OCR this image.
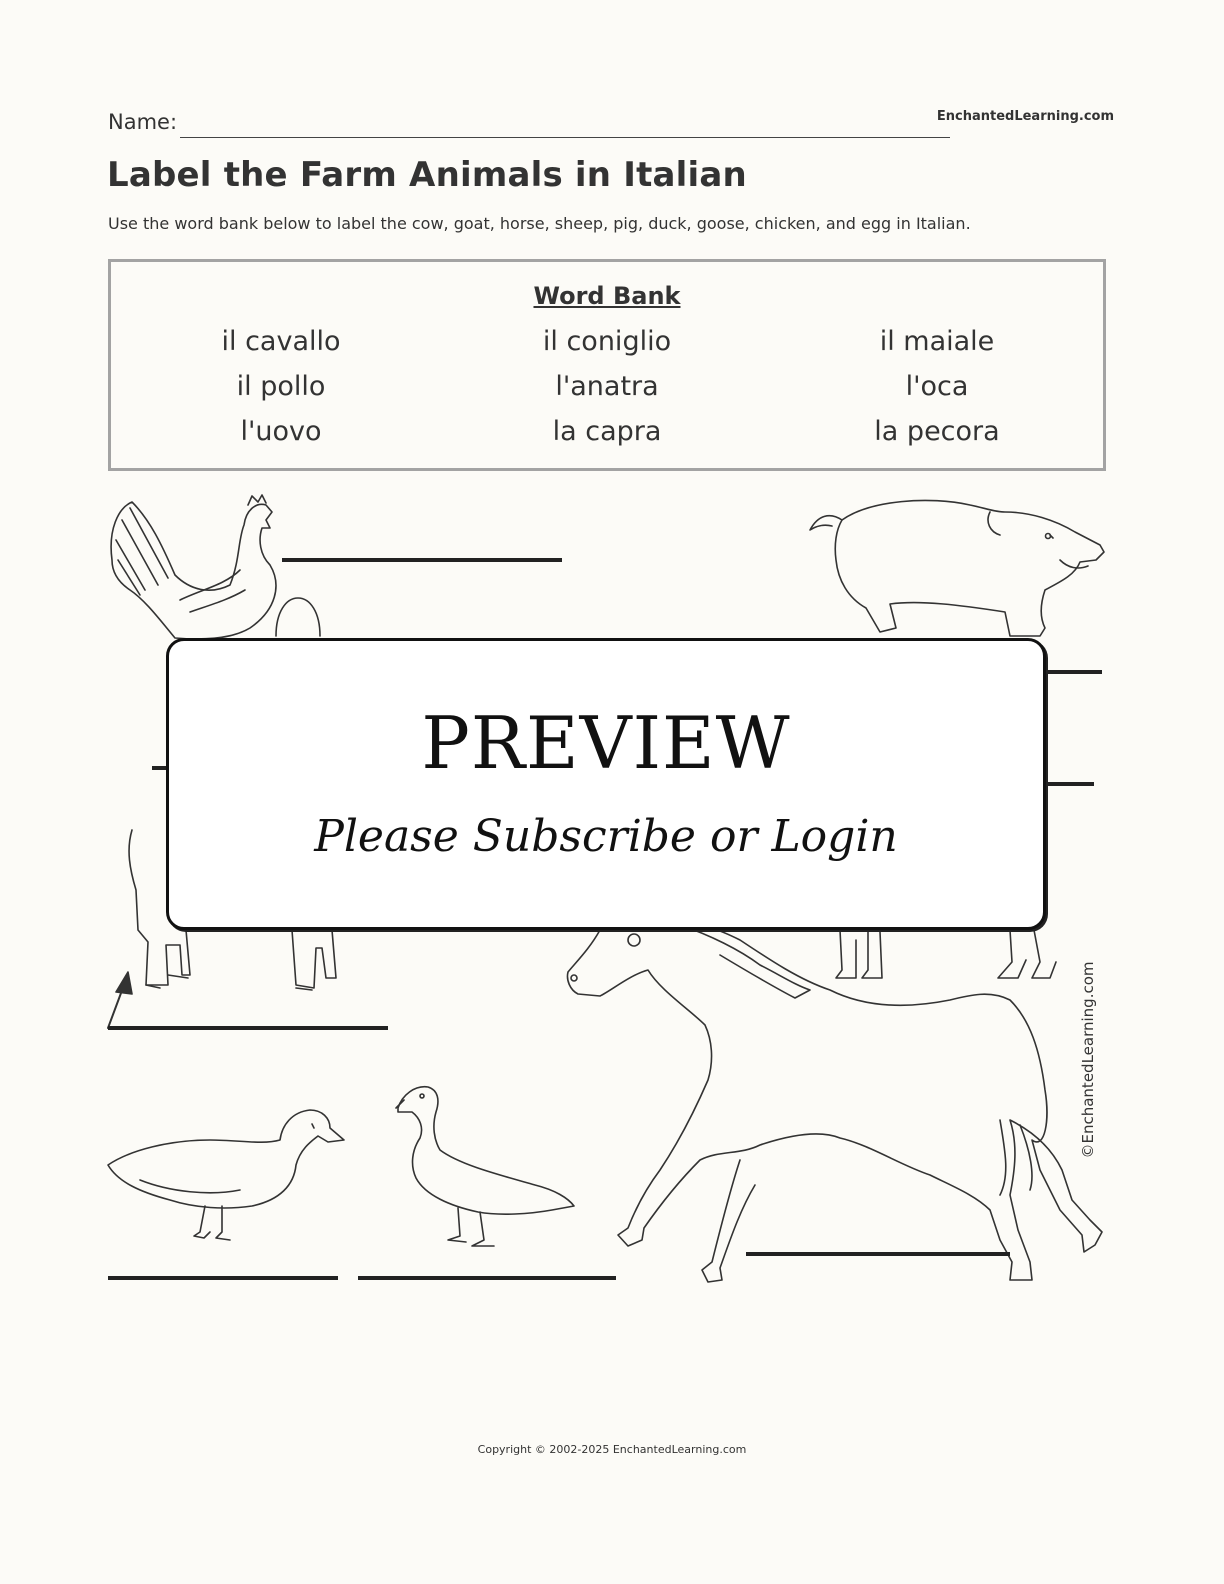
Name:	EnchantedLearning.com
Label the Farm Animals in Italian
Use the word bank below to label the cow, goat, horse, sheep, pig, duck, goose, chicken, and egg in Italian.
Word Bank
il cavallo	il coniglio	il maiale
il pollo	l'anatra	l'oca
l'uovo	la capra	la pecora
PREVIEW
Please Subscribe or Login
©EnchantedLearning.com
Copyright © 2002-2025 EnchantedLearning.com
